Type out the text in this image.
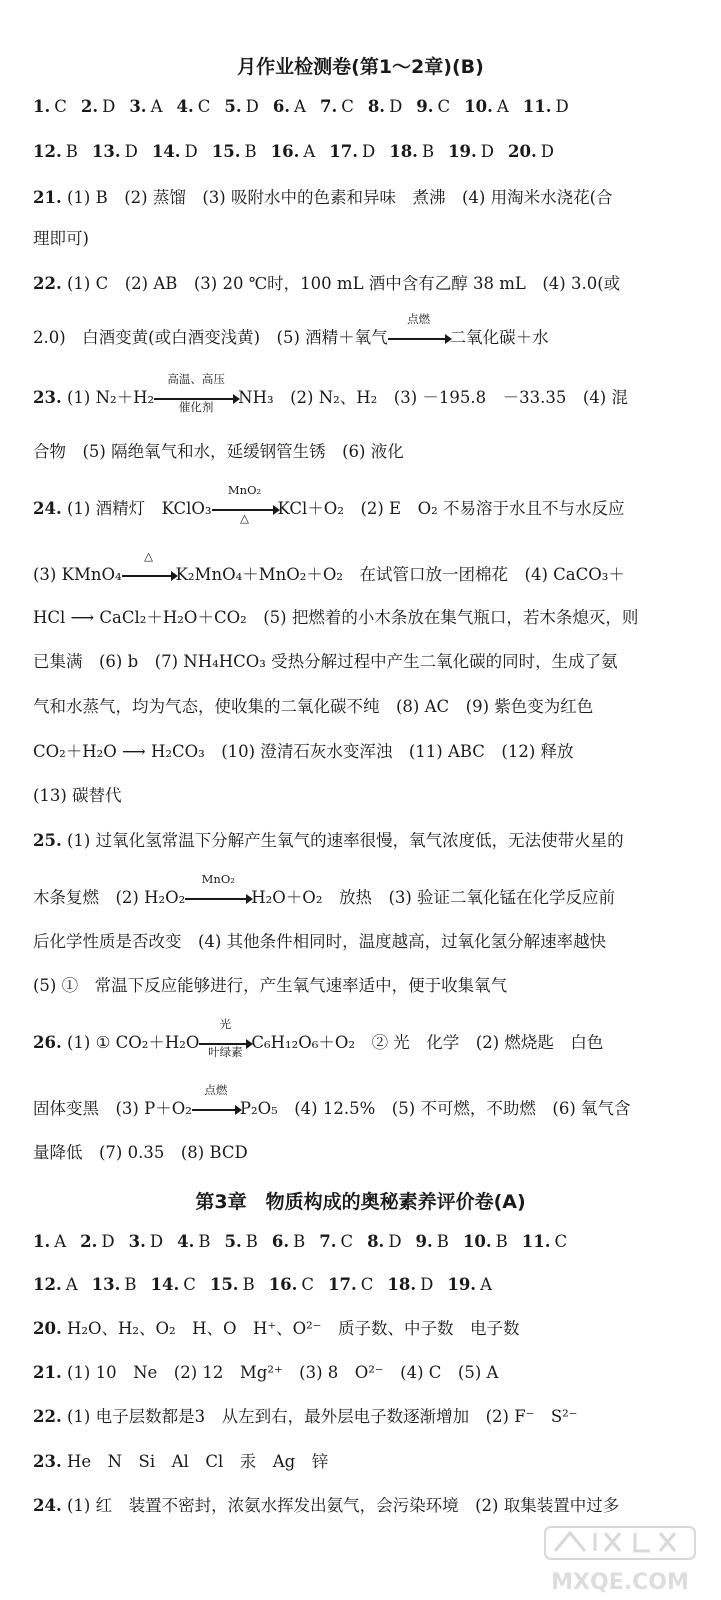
月作业检测卷(第1～2章)(B)
1. C 2. D 3. A 4. C 5. D 6. A 7. C 8. D 9. C 10. A 11. D
12. B 13. D 14. D 15. B 16. A 17. D 18. B 19. D 20. D
21. (1) B　(2) 蒸馏　(3) 吸附水中的色素和异味　煮沸　(4) 用淘米水浇花(合
理即可)
22. (1) C　(2) AB　(3) 20 ℃时，100 mL 酒中含有乙醇 38 mL　(4) 3.0(或
2.0)　白酒变黄(或白酒变浅黄)　(5) 酒精＋氧气
点燃
二氧化碳＋水
23. (1) N₂＋H₂
高温、高压
催化剂	NH₃　(2) N₂、H₂　(3) －195.8　－33.35　(4) 混
合物　(5) 隔绝氧气和水，延缓钢管生锈　(6) 液化
24. (1) 酒精灯　KClO₃
MnO₂
△	KCl＋O₂　(2) E　O₂ 不易溶于水且不与水反应
(3) KMnO₄
△
K₂MnO₄＋MnO₂＋O₂　在试管口放一团棉花　(4) CaCO₃＋
HCl ⟶ CaCl₂＋H₂O＋CO₂　(5) 把燃着的小木条放在集气瓶口，若木条熄灭，则
已集满　(6) b　(7) NH₄HCO₃ 受热分解过程中产生二氧化碳的同时，生成了氨
气和水蒸气，均为气态，使收集的二氧化碳不纯　(8) AC　(9) 紫色变为红色
CO₂＋H₂O ⟶ H₂CO₃　(10) 澄清石灰水变浑浊　(11) ABC　(12) 释放
(13) 碳替代
25. (1) 过氧化氢常温下分解产生氧气的速率很慢，氧气浓度低，无法使带火星的
木条复燃　(2) H₂O₂
MnO₂
H₂O＋O₂　放热　(3) 验证二氧化锰在化学反应前
后化学性质是否改变　(4) 其他条件相同时，温度越高，过氧化氢分解速率越快
(5) ①　常温下反应能够进行，产生氧气速率适中，便于收集氧气
26. (1) ① CO₂＋H₂O
光
叶绿素 C₆H₁₂O₆＋O₂　② 光　化学　(2) 燃烧匙　白色
固体变黑　(3) P＋O₂
点燃
P₂O₅　(4) 12.5%　(5) 不可燃，不助燃　(6) 氧气含
量降低　(7) 0.35　(8) BCD
第3章　物质构成的奥秘素养评价卷(A)
1. A 2. D 3. D 4. B 5. B 6. B 7. C 8. D 9. B 10. B 11. C
12. A 13. B 14. C 15. B 16. C 17. C 18. D 19. A
20. H₂O、H₂、O₂　H、O　H⁺、O²⁻　质子数、中子数　电子数
21. (1) 10　Ne　(2) 12　Mg²⁺　(3) 8　O²⁻　(4) C　(5) A
22. (1) 电子层数都是3　从左到右，最外层电子数逐渐增加　(2) F⁻　S²⁻
23. He　N　Si　Al　Cl　汞　Ag　锌
24. (1) 红　装置不密封，浓氨水挥发出氨气，会污染环境　(2) 取集装置中过多
MXQE.COM
